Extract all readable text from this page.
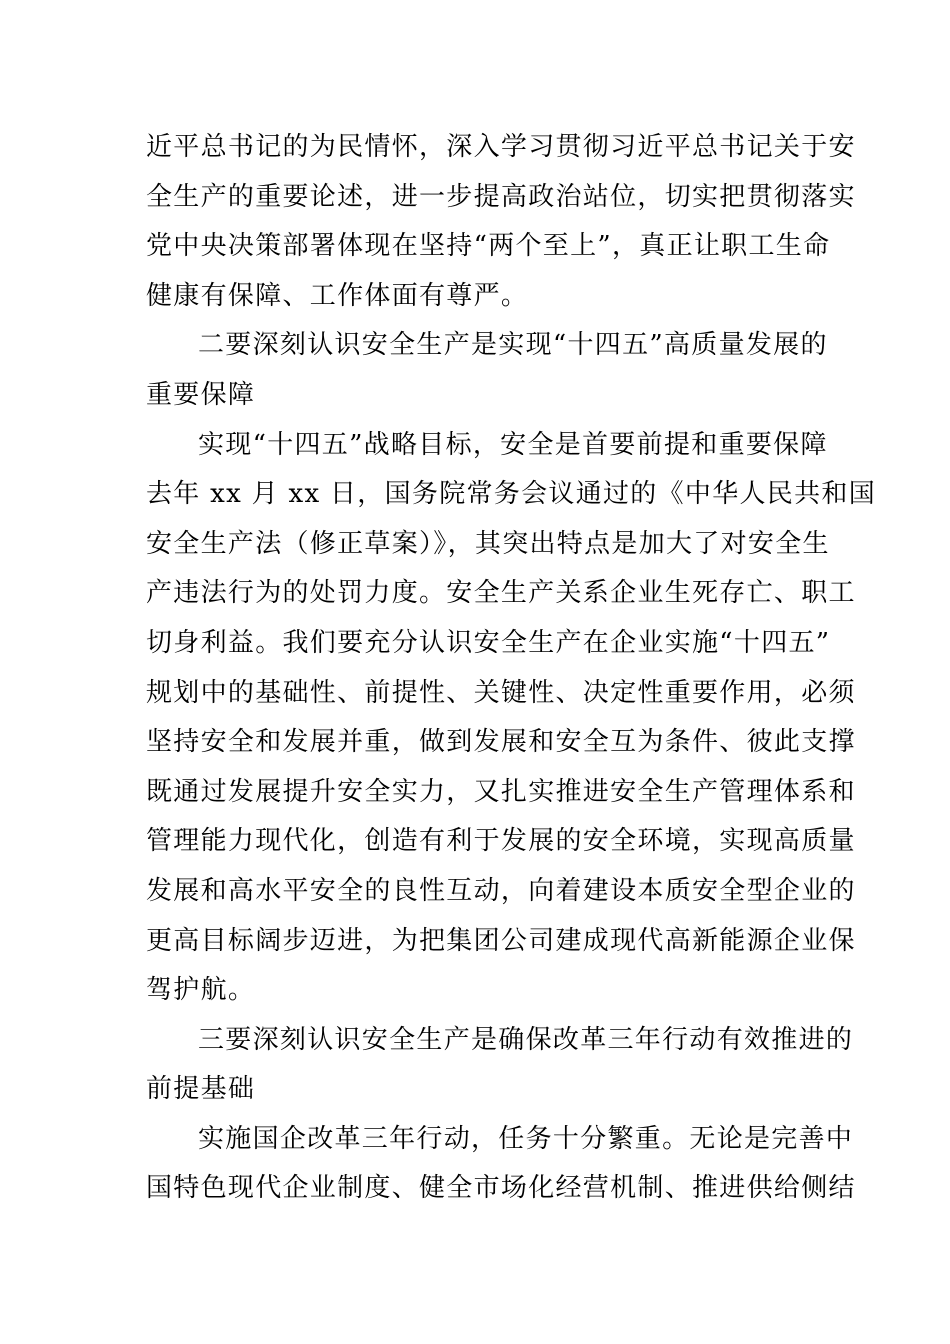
近平总书记的为民情怀，深入学习贯彻习近平总书记关于安
全生产的重要论述，进一步提高政治站位，切实把贯彻落实
党中央决策部署体现在坚持“两个至上”，真正让职工生命
健康有保障、工作体面有尊严。
二要深刻认识安全生产是实现“十四五”高质量发展的
重要保障
实现“十四五”战略目标，安全是首要前提和重要保障
去年 xx 月 xx 日，国务院常务会议通过的《中华人民共和国
安全生产法（修正草案）》，其突出特点是加大了对安全生
产违法行为的处罚力度。安全生产关系企业生死存亡、职工
切身利益。我们要充分认识安全生产在企业实施“十四五”
规划中的基础性、前提性、关键性、决定性重要作用，必须
坚持安全和发展并重，做到发展和安全互为条件、彼此支撑
既通过发展提升安全实力，又扎实推进安全生产管理体系和
管理能力现代化，创造有利于发展的安全环境，实现高质量
发展和高水平安全的良性互动，向着建设本质安全型企业的
更高目标阔步迈进，为把集团公司建成现代高新能源企业保
驾护航。
三要深刻认识安全生产是确保改革三年行动有效推进的
前提基础
实施国企改革三年行动，任务十分繁重。无论是完善中
国特色现代企业制度、健全市场化经营机制、推进供给侧结
